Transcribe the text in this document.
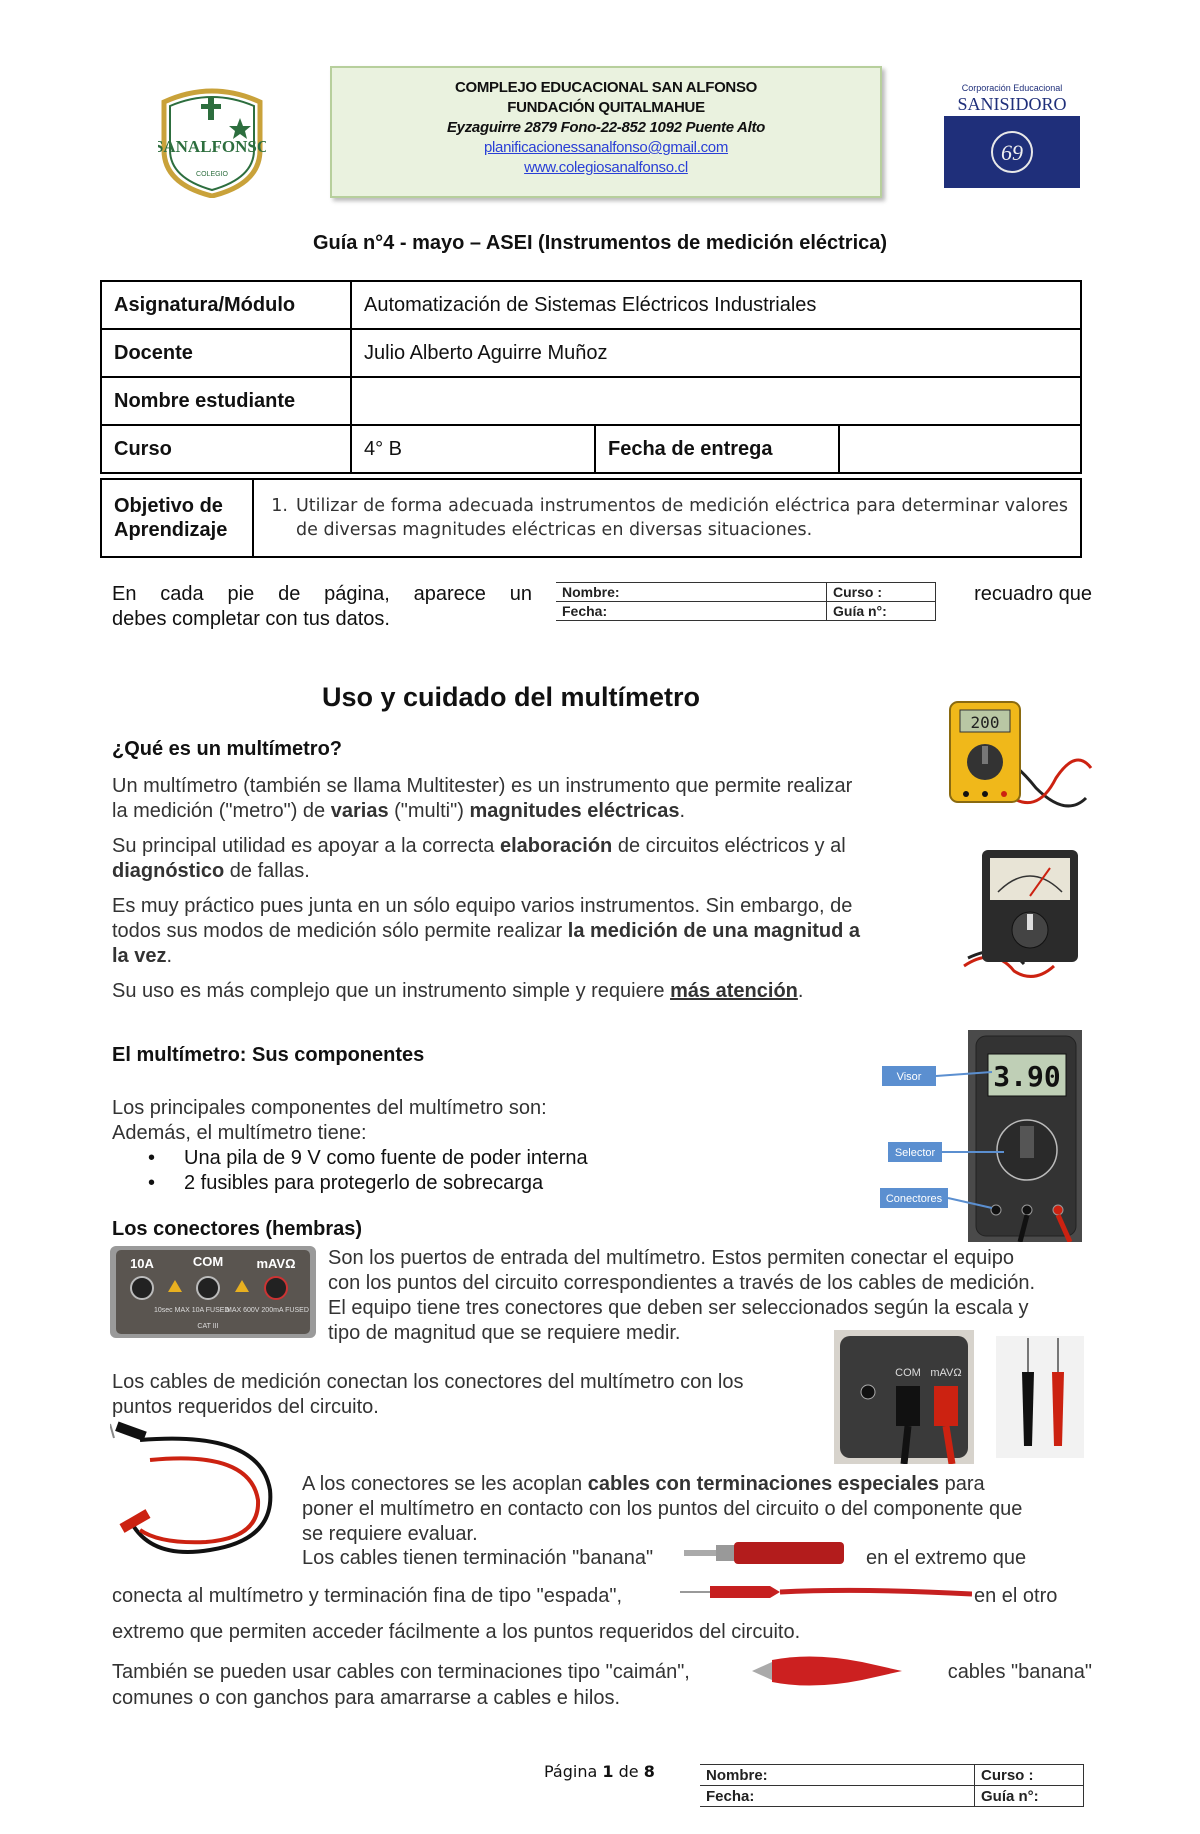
SANALFONSO
COLEGIO
COMPLEJO EDUCACIONAL SAN ALFONSO
FUNDACIÓN QUITALMAHUE
Eyzaguirre 2879 Fono-22-852 1092 Puente Alto
planificacionessanalfonso@gmail.com
www.colegiosanalfonso.cl
Corporación Educacional
SANISIDORO
69
Guía n°4 - mayo – ASEI (Instrumentos de medición eléctrica)
Asignatura/Módulo	Automatización de Sistemas Eléctricos Industriales		
Docente	Julio Alberto Aguirre Muñoz		
Nombre estudiante			
Curso	4° B	Fecha de entrega	
Objetivo de Aprendizaje	
1. Utilizar de forma adecuada instrumentos de medición eléctrica para determinar valores de diversas magnitudes eléctricas en diversas situaciones.
En cada pie de página, aparece un
debes completar con tus datos.
Nombre:	Curso :
Fecha:	Guía n°:
recuadro que
Uso y cuidado del multímetro
¿Qué es un multímetro?
Un multímetro (también se llama Multitester) es un instrumento que permite realizar
la medición ("metro") de varias ("multi") magnitudes eléctricas.
Su principal utilidad es apoyar a la correcta elaboración de circuitos eléctricos y al
diagnóstico de fallas.
Es muy práctico pues junta en un sólo equipo varios instrumentos. Sin embargo, de
todos sus modos de medición sólo permite realizar la medición de una magnitud a
la vez.
Su uso es más complejo que un instrumento simple y requiere más atención.
200
El multímetro: Sus componentes
Los principales componentes del multímetro son:
Además, el multímetro tiene:
• Una pila de 9 V como fuente de poder interna
• 2 fusibles para protegerlo de sobrecarga
3.90
Visor
Selector
Conectores
Los conectores (hembras)
10A	COM	mAVΩ
10sec MAX 10A FUSED
MAX 600V 200mA FUSED
CAT III
Son los puertos de entrada del multímetro. Estos permiten conectar el equipo
con los puntos del circuito correspondientes a través de los cables de medición.
El equipo tiene tres conectores que deben ser seleccionados según la escala y
tipo de magnitud que se requiere medir.
Los cables de medición conectan los conectores del multímetro con los
puntos requeridos del circuito.
COM mAVΩ
A los conectores se les acoplan cables con terminaciones especiales para
poner el multímetro en contacto con los puntos del circuito o del componente que
se requiere evaluar.
Los cables tienen terminación "banana"	en el extremo que
conecta al multímetro y terminación fina de tipo "espada",	en el otro
extremo que permiten acceder fácilmente a los puntos requeridos del circuito.
También se pueden usar cables con terminaciones tipo "caimán",	cables "banana"
comunes o con ganchos para amarrarse a cables e hilos.
Página 1 de 8	Nombre:	Curso :
Fecha:	Guía n°:
